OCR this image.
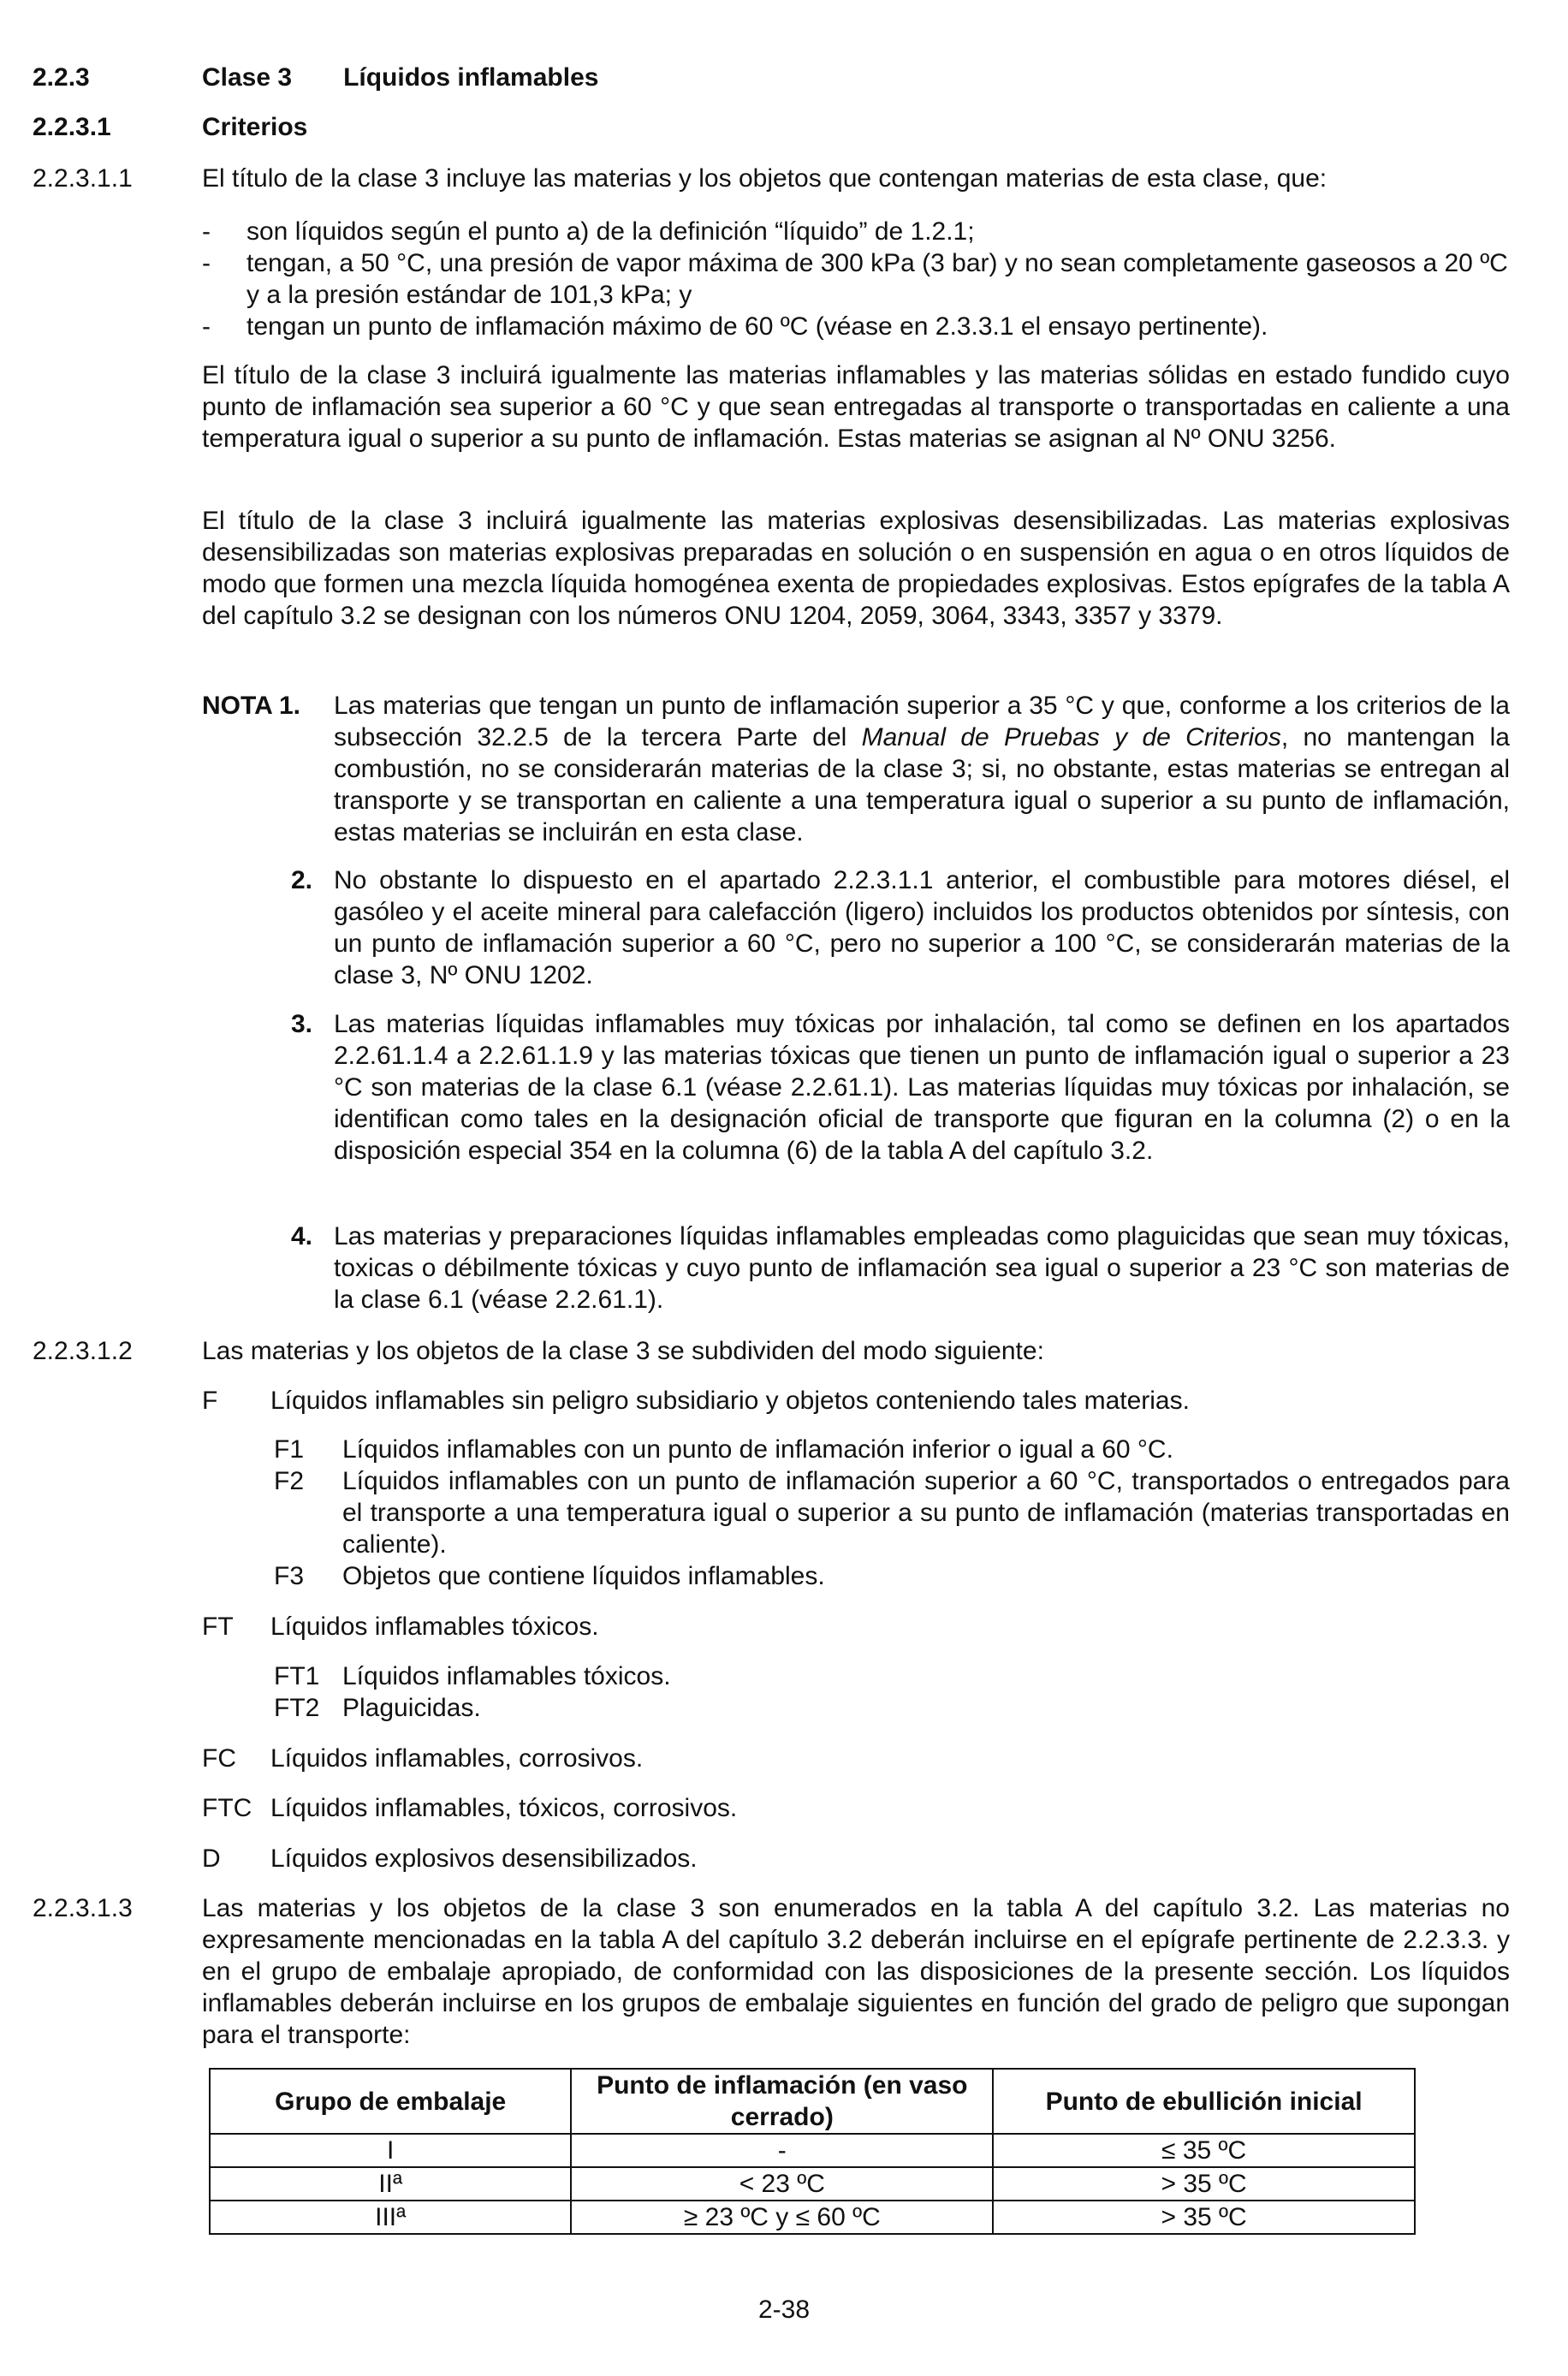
2.2.3	Clase 3  Líquidos inflamables
2.2.3.1	Criterios
2.2.3.1.1	El título de la clase 3 incluye las materias y los objetos que contengan materias de esta clase, que:
- son líquidos según el punto a) de la definición “líquido” de 1.2.1;
- tengan, a 50 °C, una presión de vapor máxima de 300 kPa (3 bar) y no sean completamente gaseosos a 20 ºC y a la presión estándar de 101,3 kPa; y
- tengan un punto de inflamación máximo de 60 ºC (véase en 2.3.3.1 el ensayo pertinente).
El título de la clase 3 incluirá igualmente las materias inflamables y las materias sólidas en estado fundido cuyo punto de inflamación sea superior a 60 °C y que sean entregadas al transporte o transportadas en caliente a una temperatura igual o superior a su punto de inflamación. Estas materias se asignan al Nº ONU 3256.
El título de la clase 3 incluirá igualmente las materias explosivas desensibilizadas. Las materias explosivas desensibilizadas son materias explosivas preparadas en solución o en suspensión en agua o en otros líquidos de modo que formen una mezcla líquida homogénea exenta de propiedades explosivas. Estos epígrafes de la tabla A del capítulo 3.2 se designan con los números ONU 1204, 2059, 3064, 3343, 3357 y 3379.
NOTA 1. Las materias que tengan un punto de inflamación superior a 35 °C y que, conforme a los criterios de la subsección 32.2.5 de la tercera Parte del Manual de Pruebas y de Criterios, no mantengan la combustión, no se considerarán materias de la clase 3; si, no obstante, estas materias se entregan al transporte y se transportan en caliente a una temperatura igual o superior a su punto de inflamación, estas materias se incluirán en esta clase.
2. No obstante lo dispuesto en el apartado 2.2.3.1.1 anterior, el combustible para motores diésel, el gasóleo y el aceite mineral para calefacción (ligero) incluidos los productos obtenidos por síntesis, con un punto de inflamación superior a 60 °C, pero no superior a 100 °C, se considerarán materias de la clase 3, Nº ONU 1202.
3. Las materias líquidas inflamables muy tóxicas por inhalación, tal como se definen en los apartados 2.2.61.1.4 a 2.2.61.1.9 y las materias tóxicas que tienen un punto de inflamación igual o superior a 23 °C son materias de la clase 6.1 (véase 2.2.61.1). Las materias líquidas muy tóxicas por inhalación, se identifican como tales en la designación oficial de transporte que figuran en la columna (2) o en la disposición especial 354 en la columna (6) de la tabla A del capítulo 3.2.
4. Las materias y preparaciones líquidas inflamables empleadas como plaguicidas que sean muy tóxicas, toxicas o débilmente tóxicas y cuyo punto de inflamación sea igual o superior a 23 °C son materias de la clase 6.1 (véase 2.2.61.1).
2.2.3.1.2	Las materias y los objetos de la clase 3 se subdividen del modo siguiente:
F Líquidos inflamables sin peligro subsidiario y objetos conteniendo tales materias.
F1 Líquidos inflamables con un punto de inflamación inferior o igual a 60 °C.
F2 Líquidos inflamables con un punto de inflamación superior a 60 °C, transportados o entregados para el transporte a una temperatura igual o superior a su punto de inflamación (materias transportadas en caliente).
F3 Objetos que contiene líquidos inflamables.
FT Líquidos inflamables tóxicos.
FT1 Líquidos inflamables tóxicos.
FT2 Plaguicidas.
FC Líquidos inflamables, corrosivos.
FTC Líquidos inflamables, tóxicos, corrosivos.
D Líquidos explosivos desensibilizados.
2.2.3.1.3	Las materias y los objetos de la clase 3 son enumerados en la tabla A del capítulo 3.2. Las materias no expresamente mencionadas en la tabla A del capítulo 3.2 deberán incluirse en el epígrafe pertinente de 2.2.3.3. y en el grupo de embalaje apropiado, de conformidad con las disposiciones de la presente sección. Los líquidos inflamables deberán incluirse en los grupos de embalaje siguientes en función del grado de peligro que supongan para el transporte:
Grupo de embalaje	Punto de inflamación (en vaso cerrado)	Punto de ebullición inicial
I	-	≤ 35 ºC
IIª	< 23 ºC	> 35 ºC
IIIª	≥ 23 ºC y ≤ 60 ºC	> 35 ºC
2-38
